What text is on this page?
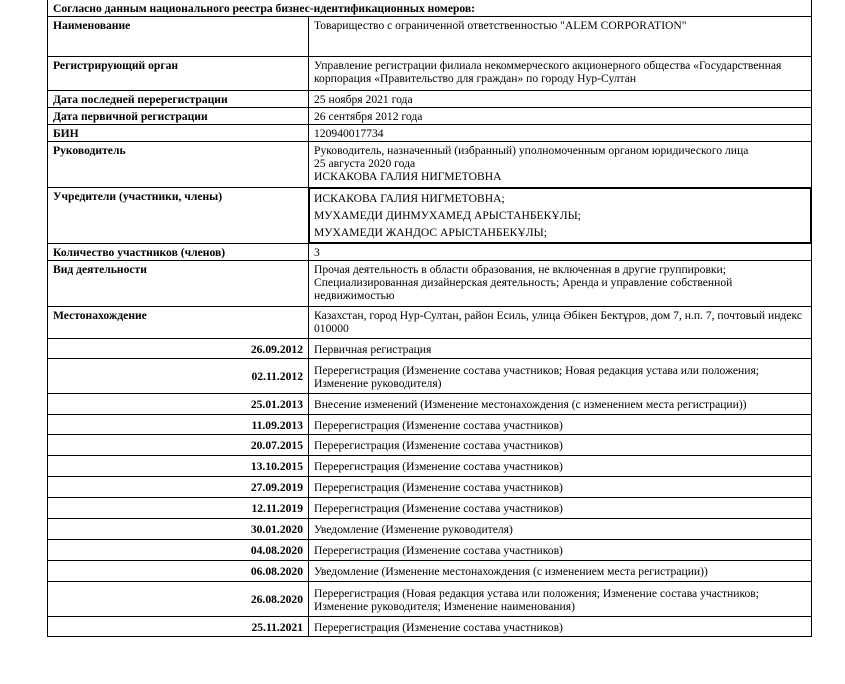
Согласно данным национального реестра бизнес-идентификационных номеров:	
Наименование	Товарищество с ограниченной ответственностью "ALEM CORPORATION"
Регистрирующий орган	Управление регистрации филиала некоммерческого акционерного общества «Государственная корпорация «Правительство для граждан» по городу Нур-Султан
Дата последней перерегистрации	25 ноября 2021 года
Дата первичной регистрации	26 сентября 2012 года
БИН	120940017734
Руководитель	Руководитель, назначенный (избранный) уполномоченным органом юридического лица
25 августа 2020 года
ИСКАКОВА ГАЛИЯ НИГМЕТОВНА

Учредители (участники, члены)	ИСКАКОВА ГАЛИЯ НИГМЕТОВНА;
МУХАМЕДИ ДИНМУХАМЕД АРЫСТАНБЕКҰЛЫ;
МУХАМЕДИ ЖАНДОС АРЫСТАНБЕКҰЛЫ;

Количество участников (членов)	3
Вид деятельности	Прочая деятельность в области образования, не включенная в другие группировки; Специализированная дизайнерская деятельность; Аренда и управление собственной недвижимостью
Местонахождение	Казахстан, город Нур-Султан, район Есиль, улица Әбікен Бектұров, дом 7, н.п. 7, почтовый индекс 010000
26.09.2012	Первичная регистрация
02.11.2012	Перерегистрация (Изменение состава участников; Новая редакция устава или положения; Изменение руководителя)
25.01.2013	Внесение изменений (Изменение местонахождения (с изменением места регистрации))
11.09.2013	Перерегистрация (Изменение состава участников)
20.07.2015	Перерегистрация (Изменение состава участников)
13.10.2015	Перерегистрация (Изменение состава участников)
27.09.2019	Перерегистрация (Изменение состава участников)
12.11.2019	Перерегистрация (Изменение состава участников)
30.01.2020	Уведомление (Изменение руководителя)
04.08.2020	Перерегистрация (Изменение состава участников)
06.08.2020	Уведомление (Изменение местонахождения (с изменением места регистрации))
26.08.2020	Перерегистрация (Новая редакция устава или положения; Изменение состава участников; Изменение руководителя; Изменение наименования)
25.11.2021	Перерегистрация (Изменение состава участников)
